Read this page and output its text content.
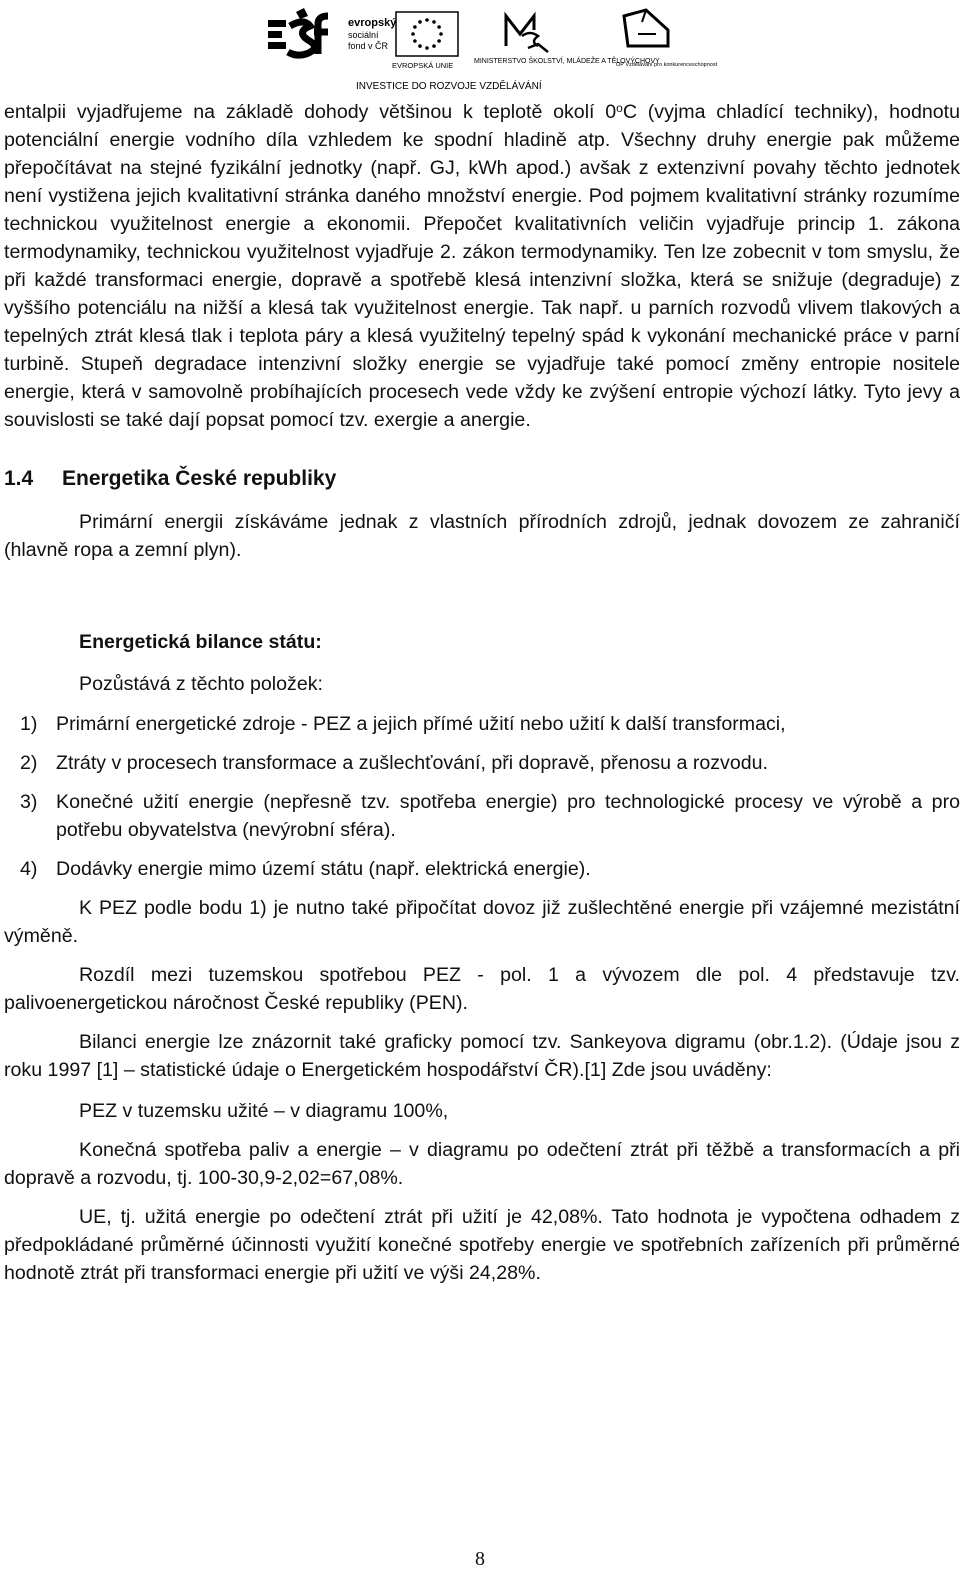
evropský
sociální
fond v ČR
EVROPSKÁ UNIE	MINISTERSTVO ŠKOLSTVÍ, MLÁDEŽE A TĚLOVÝCHOVY
OP Vzdělávání pro konkurenceschopnost
INVESTICE DO ROZVOJE VZDĚLÁVÁNÍ

entalpii vyjadřujeme na základě dohody většinou k teplotě okolí 0$^o$C (vyjma chladící techniky), hodnotu potenciální energie vodního díla vzhledem ke spodní hladině atp. Všechny druhy energie pak můžeme přepočítávat na stejné fyzikální jednotky (např. GJ, kWh apod.) avšak z extenzivní povahy těchto jednotek není vystižena jejich kvalitativní stránka daného množství energie. Pod pojmem kvalitativní stránky rozumíme technickou využitelnost energie a ekonomii. Přepočet kvalitativních veličin vyjadřuje princip 1. zákona termodynamiky, technickou využitelnost vyjadřuje 2. zákon termodynamiky. Ten lze zobecnit v tom smyslu, že při každé transformaci energie, dopravě a spotřebě klesá intenzivní složka, která se snižuje (degraduje) z vyššího potenciálu na nižší a klesá tak využitelnost energie. Tak např. u parních rozvodů vlivem tlakových a tepelných ztrát klesá tlak i teplota páry a klesá využitelný tepelný spád k vykonání mechanické práce v parní turbině. Stupeň degradace intenzivní složky energie se vyjadřuje také pomocí změny entropie nositele energie, která v samovolně probíhajících procesech vede vždy ke zvýšení entropie výchozí látky. Tyto jevy a souvislosti se také dají popsat pomocí tzv. exergie a anergie.

1.4 Energetika České republiky

Primární energii získáváme jednak z vlastních přírodních zdrojů, jednak dovozem ze zahraničí (hlavně ropa a zemní plyn).

Energetická bilance státu:

Pozůstává z těchto položek:

1) Primární energetické zdroje - PEZ a jejich přímé užití nebo užití k další transformaci,
2) Ztráty v procesech transformace a zušlechťování, při dopravě, přenosu a rozvodu.
3) Konečné užití energie (nepřesně tzv. spotřeba energie) pro technologické procesy ve výrobě a pro potřebu obyvatelstva (nevýrobní sféra).
4) Dodávky energie mimo území státu (např. elektrická energie).

K PEZ podle bodu 1) je nutno také připočítat dovoz již zušlechtěné energie při vzájemné mezistátní výměně.

Rozdíl mezi tuzemskou spotřebou PEZ - pol. 1 a vývozem dle pol. 4 představuje tzv. palivoenergetickou náročnost České republiky (PEN).

Bilanci energie lze znázornit také graficky pomocí tzv. Sankeyova digramu (obr.1.2). (Údaje jsou z roku 1997 [1] – statistické údaje o Energetickém hospodářství ČR).[1] Zde jsou uváděny:

PEZ v tuzemsku užité – v diagramu 100%,

Konečná spotřeba paliv a energie – v diagramu po odečtení ztrát při těžbě a transformacích a při dopravě a rozvodu, tj. 100-30,9-2,02=67,08%.

UE, tj. užitá energie po odečtení ztrát při užití je 42,08%. Tato hodnota je vypočtena odhadem z předpokládané průměrné účinnosti využití konečné spotřeby energie ve spotřebních zařízeních při průměrné hodnotě ztrát při transformaci energie při užití ve výši 24,28%.

8
